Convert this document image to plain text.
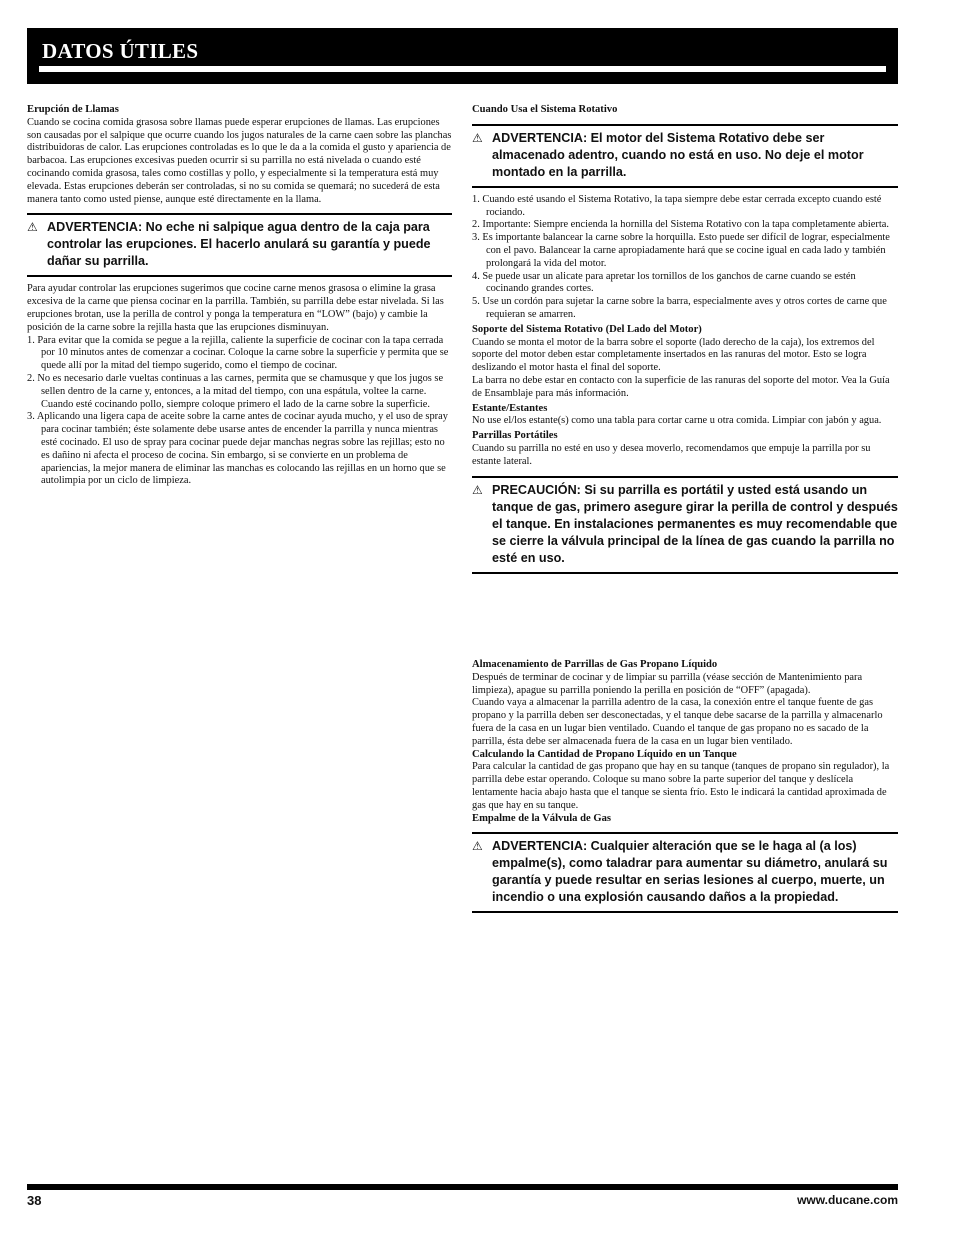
DATOS ÚTILES

Erupción de Llamas

Cuando se cocina comida grasosa sobre llamas puede esperar erupciones de llamas. Las erupciones son causadas por el salpique que ocurre cuando los jugos naturales de la carne caen sobre las planchas distribuidoras de calor. Las erupciones controladas es lo que le da a la comida el gusto y apariencia de barbacoa. Las erupciones excesivas pueden ocurrir si su parrilla no está nivelada o cuando esté cocinando comida grasosa, tales como costillas y pollo, y especialmente si la temperatura está muy elevada. Estas erupciones deberán ser controladas, si no su comida se quemará; no sucederá de esta manera tanto como usted piense, aunque esté directamente en la llama.

⚠ ADVERTENCIA: No eche ni salpique agua dentro de la caja para controlar las erupciones. El hacerlo anulará su garantía y puede dañar su parrilla.

Para ayudar controlar las erupciones sugerimos que cocine carne menos grasosa o elimine la grasa excesiva de la carne que piensa cocinar en la parrilla. También, su parrilla debe estar nivelada. Si las erupciones brotan, use la perilla de control y ponga la temperatura en “LOW” (bajo) y cambie la posición de la carne sobre la rejilla hasta que las erupciones disminuyan.

1. Para evitar que la comida se pegue a la rejilla, caliente la superficie de cocinar con la tapa cerrada por 10 minutos antes de comenzar a cocinar. Coloque la carne sobre la superficie y permita que se quede allí por la mitad del tiempo sugerido, como el tiempo de cocinar.
2. No es necesario darle vueltas continuas a las carnes, permita que se chamusque y que los jugos se sellen dentro de la carne y, entonces, a la mitad del tiempo, con una espátula, voltee la carne. Cuando esté cocinando pollo, siempre coloque primero el lado de la carne sobre la superficie.
3. Aplicando una ligera capa de aceite sobre la carne antes de cocinar ayuda mucho, y el uso de spray para cocinar también; éste solamente debe usarse antes de encender la parrilla y nunca mientras esté cocinado. El uso de spray para cocinar puede dejar manchas negras sobre las rejillas; esto no es dañino ni afecta el proceso de cocina. Sin embargo, si se convierte en un problema de apariencias, la mejor manera de eliminar las manchas es colocando las rejillas en un horno que se autolimpia por un ciclo de limpieza.

Cuando Usa el Sistema Rotativo

⚠ ADVERTENCIA: El motor del Sistema Rotativo debe ser almacenado adentro, cuando no está en uso. No deje el motor montado en la parrilla.
1. Cuando esté usando el Sistema Rotativo, la tapa siempre debe estar cerrada excepto cuando esté rociando.
2. Importante: Siempre encienda la hornilla del Sistema Rotativo con la tapa completamente abierta.
3. Es importante balancear la carne sobre la horquilla. Esto puede ser difícil de lograr, especialmente con el pavo. Balancear la carne apropiadamente hará que se cocine igual en cada lado y también prolongará la vida del motor.
4. Se puede usar un alicate para apretar los tornillos de los ganchos de carne cuando se estén cocinando grandes cortes.
5. Use un cordón para sujetar la carne sobre la barra, especialmente aves y otros cortes de carne que requieran se amarren.

Soporte del Sistema Rotativo (Del Lado del Motor)

Cuando se monta el motor de la barra sobre el soporte (lado derecho de la caja), los extremos del soporte del motor deben estar completamente insertados en las ranuras del motor. Esto se logra deslizando el motor hasta el final del soporte.

La barra no debe estar en contacto con la superficie de las ranuras del soporte del motor. Vea la Guía de Ensamblaje para más información.

Estante/Estantes

No use el/los estante(s) como una tabla para cortar carne u otra comida. Limpiar con jabón y agua.

Parrillas Portátiles

Cuando su parrilla no esté en uso y desea moverlo, recomendamos que empuje la parrilla por su estante lateral.

⚠ PRECAUCIÓN: Si su parrilla es portátil y usted está usando un tanque de gas, primero asegure girar la perilla de control y después el tanque. En instalaciones permanentes es muy recomendable que se cierre la válvula principal de la línea de gas cuando la parrilla no esté en uso.

Almacenamiento de Parrillas de Gas Propano Líquido

Después de terminar de cocinar y de limpiar su parrilla (véase sección de Mantenimiento para limpieza), apague su parrilla poniendo la perilla en posición de “OFF” (apagada).

Cuando vaya a almacenar la parrilla adentro de la casa, la conexión entre el tanque fuente de gas propano y la parrilla deben ser desconectadas, y el tanque debe sacarse de la parrilla y almacenarlo fuera de la casa en un lugar bien ventilado. Cuando el tanque de gas propano no es sacado de la parrilla, ésta debe ser almacenada fuera de la casa en un lugar bien ventilado.

Calculando la Cantidad de Propano Líquido en un Tanque

Para calcular la cantidad de gas propano que hay en su tanque (tanques de propano sin regulador), la parrilla debe estar operando. Coloque su mano sobre la parte superior del tanque y deslícela lentamente hacia abajo hasta que el tanque se sienta frío. Esto le indicará la cantidad aproximada de gas que hay en su tanque.

Empalme de la Válvula de Gas

⚠ ADVERTENCIA: Cualquier alteración que se le haga al (a los) empalme(s), como taladrar para aumentar su diámetro, anulará su garantía y puede resultar en serias lesiones al cuerpo, muerte, un incendio o una explosión causando daños a la propiedad.
38	www.ducane.com
